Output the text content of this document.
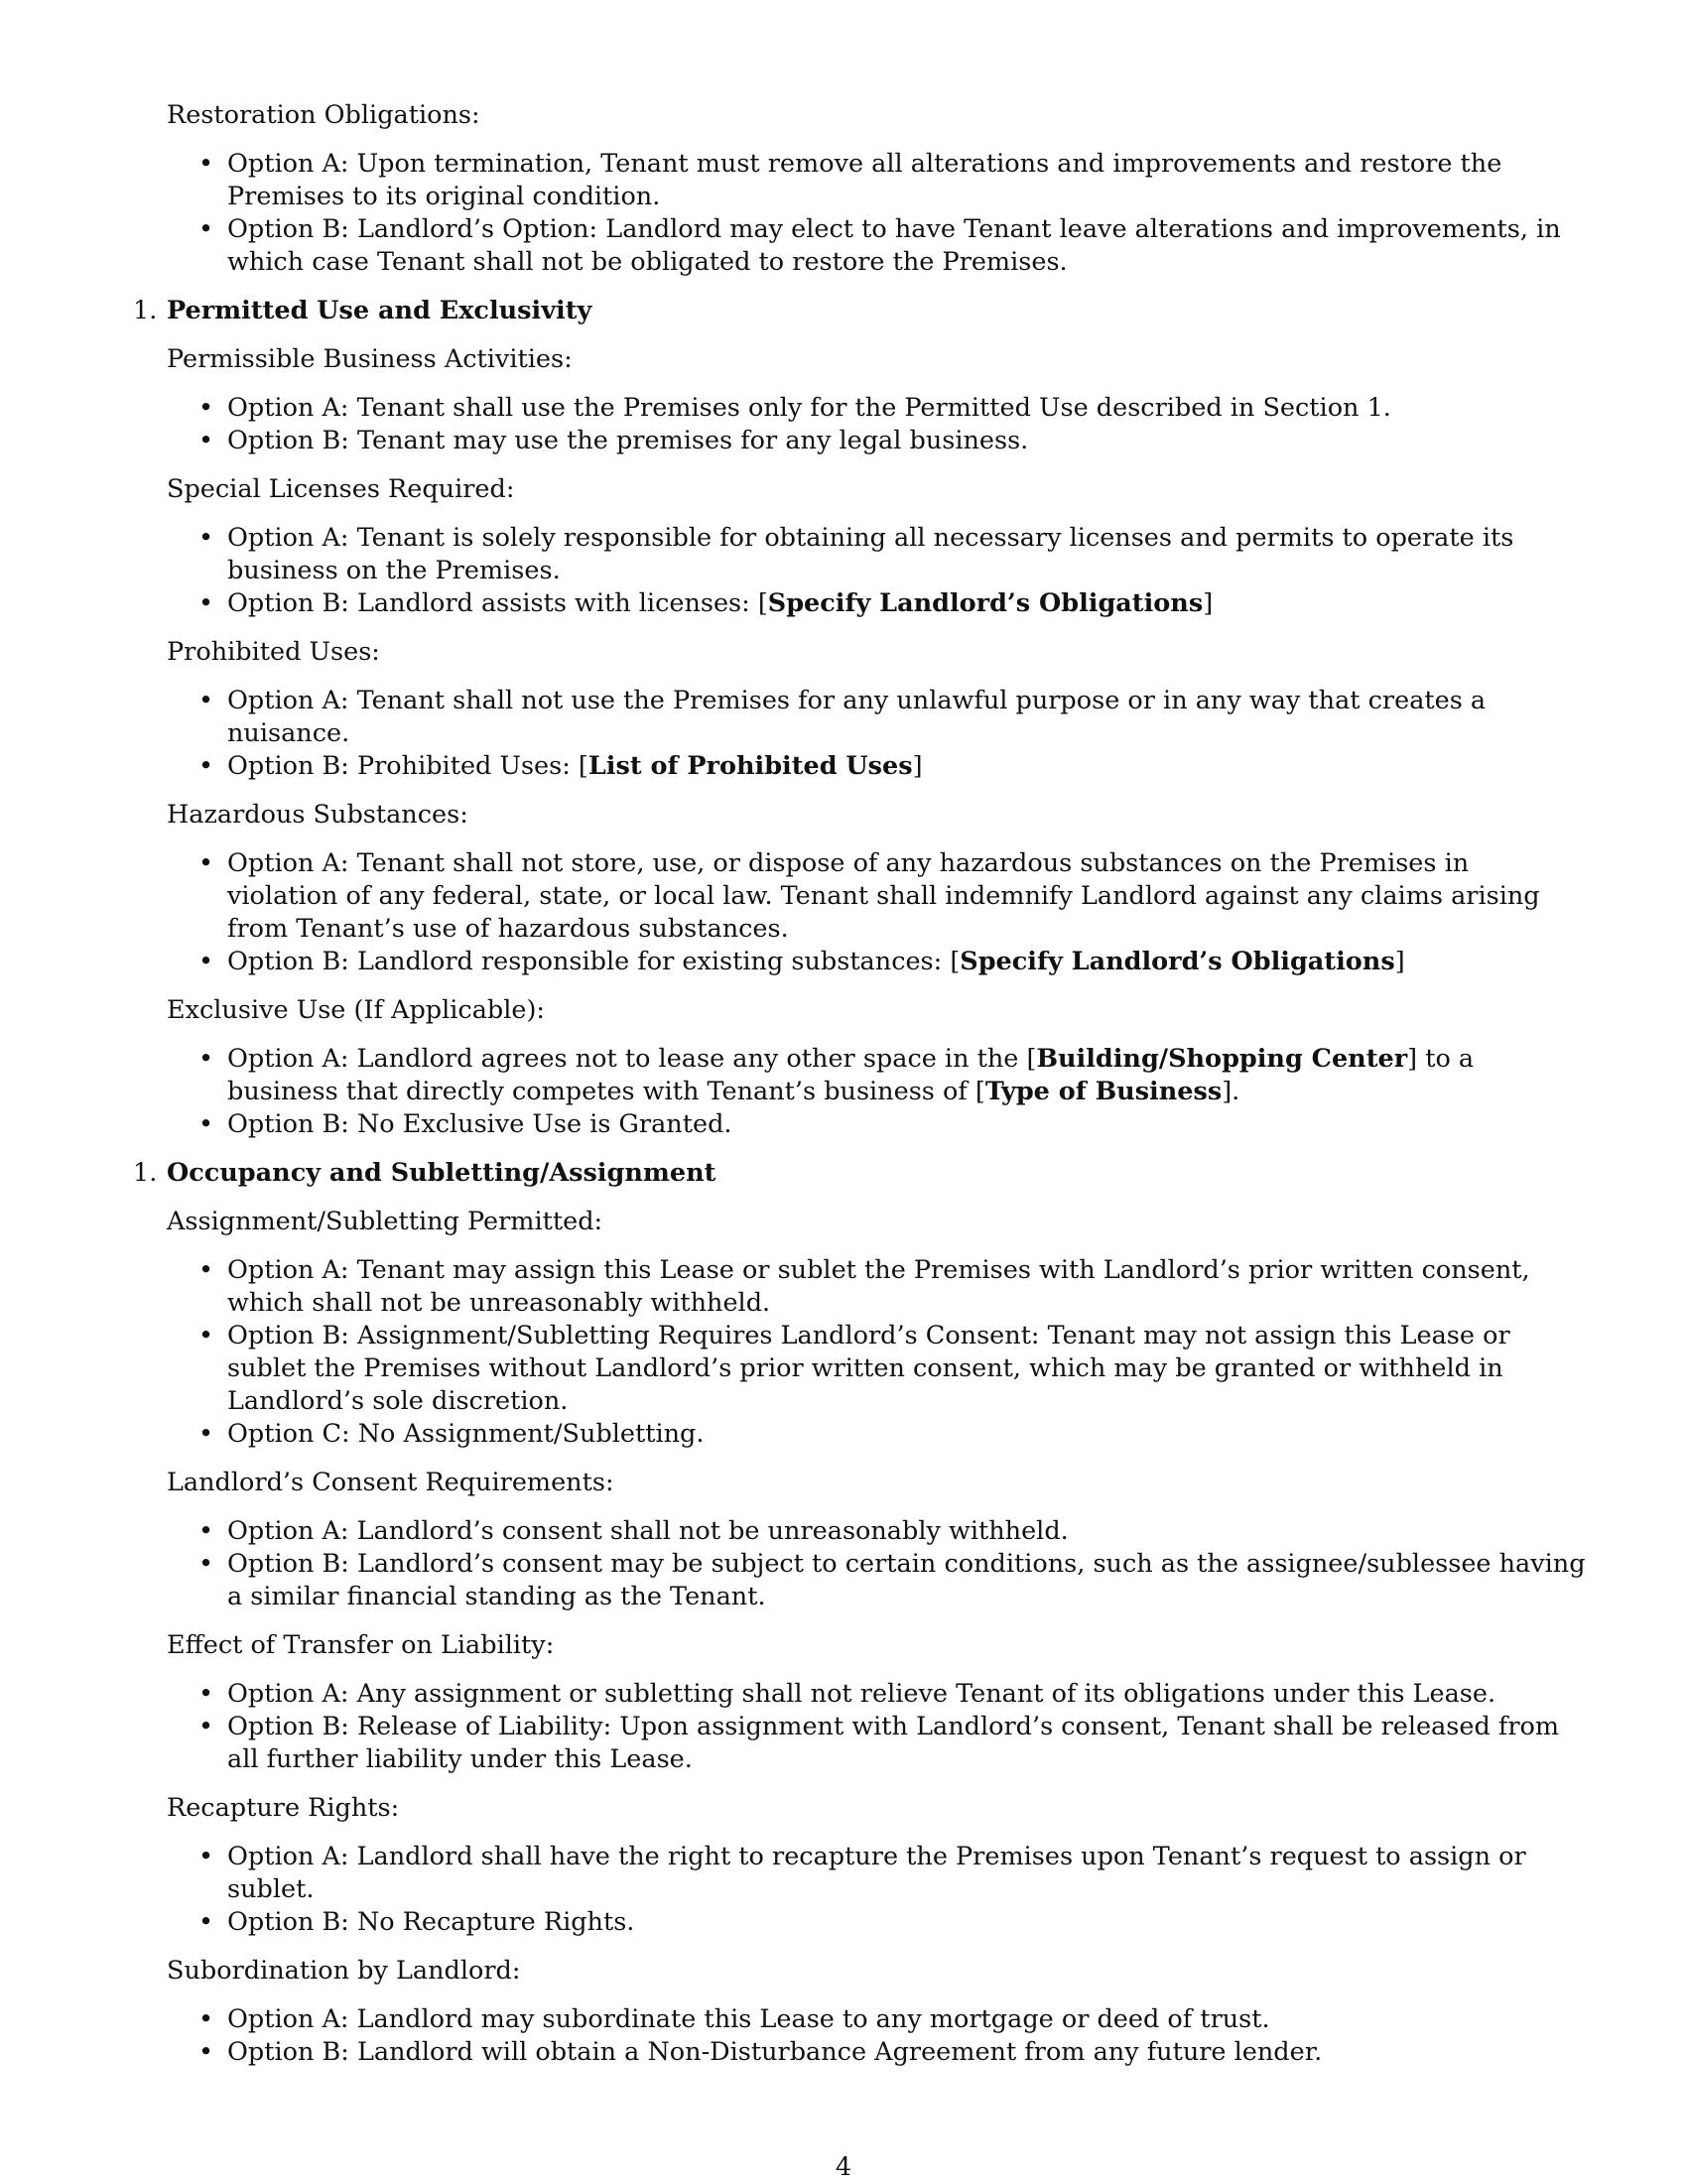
Restoration Obligations:

• Option A: Upon termination, Tenant must remove all alterations and improvements and restore the Premises to its original condition.
• Option B: Landlord’s Option: Landlord may elect to have Tenant leave alterations and improvements, in which case Tenant shall not be obligated to restore the Premises.

1. Permitted Use and Exclusivity

Permissible Business Activities:

• Option A: Tenant shall use the Premises only for the Permitted Use described in Section 1.
• Option B: Tenant may use the premises for any legal business.

Special Licenses Required:

• Option A: Tenant is solely responsible for obtaining all necessary licenses and permits to operate its business on the Premises.
• Option B: Landlord assists with licenses: [Specify Landlord’s Obligations]

Prohibited Uses:

• Option A: Tenant shall not use the Premises for any unlawful purpose or in any way that creates a nuisance.
• Option B: Prohibited Uses: [List of Prohibited Uses]

Hazardous Substances:

• Option A: Tenant shall not store, use, or dispose of any hazardous substances on the Premises in violation of any federal, state, or local law. Tenant shall indemnify Landlord against any claims arising from Tenant’s use of hazardous substances.
• Option B: Landlord responsible for existing substances: [Specify Landlord’s Obligations]

Exclusive Use (If Applicable):

• Option A: Landlord agrees not to lease any other space in the [Building/Shopping Center] to a business that directly competes with Tenant’s business of [Type of Business].
• Option B: No Exclusive Use is Granted.

1. Occupancy and Subletting/Assignment

Assignment/Subletting Permitted:

• Option A: Tenant may assign this Lease or sublet the Premises with Landlord’s prior written consent, which shall not be unreasonably withheld.
• Option B: Assignment/Subletting Requires Landlord’s Consent: Tenant may not assign this Lease or sublet the Premises without Landlord’s prior written consent, which may be granted or withheld in Landlord’s sole discretion.
• Option C: No Assignment/Subletting.

Landlord’s Consent Requirements:

• Option A: Landlord’s consent shall not be unreasonably withheld.
• Option B: Landlord’s consent may be subject to certain conditions, such as the assignee/sublessee having a similar financial standing as the Tenant.

Effect of Transfer on Liability:

• Option A: Any assignment or subletting shall not relieve Tenant of its obligations under this Lease.
• Option B: Release of Liability: Upon assignment with Landlord’s consent, Tenant shall be released from all further liability under this Lease.

Recapture Rights:

• Option A: Landlord shall have the right to recapture the Premises upon Tenant’s request to assign or sublet.
• Option B: No Recapture Rights.

Subordination by Landlord:

• Option A: Landlord may subordinate this Lease to any mortgage or deed of trust.
• Option B: Landlord will obtain a Non-Disturbance Agreement from any future lender.
4
